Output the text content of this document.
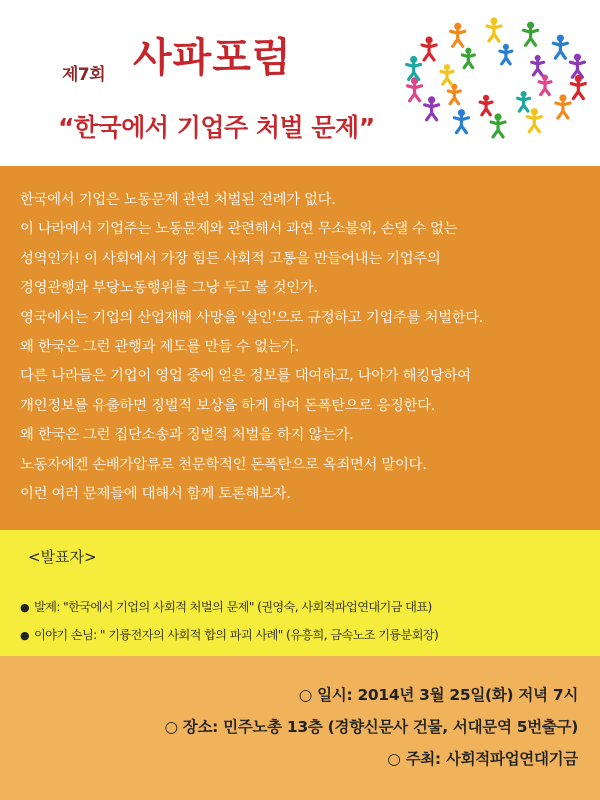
제7회 사파포럼
“한국에서 기업주 처벌 문제”
한국에서 기업은 노동문제 관련 처벌된 전례가 없다.
이 나라에서 기업주는 노동문제와 관련해서 과연 무소불위, 손댈 수 없는
성역인가! 이 사회에서 가장 힘든 사회적 고통을 만들어내는 기업주의
경영관행과 부당노동행위를 그냥 두고 볼 것인가.
영국에서는 기업의 산업재해 사망을 '살인'으로 규정하고 기업주를 처벌한다.
왜 한국은 그런 관행과 제도를 만들 수 없는가.
다른 나라들은 기업이 영업 중에 얻은 정보를 대여하고, 나아가 해킹당하여
개인정보를 유출하면 징벌적 보상을 하게 하여 돈폭탄으로 응징한다.
왜 한국은 그런 집단소송과 징벌적 처벌을 하지 않는가.
노동자에겐 손배가압류로 천문학적인 돈폭탄으로 옥죄면서 말이다.
이런 여러 문제들에 대해서 함께 토론해보자.
<발표자>
● 발제: "한국에서 기업의 사회적 처벌의 문제" (권영숙, 사회적파업연대기금 대표)
● 이야기 손님: " 기륭전자의 사회적 합의 파괴 사례" (유흥희, 금속노조 기륭분회장)
○ 일시: 2014년 3월 25일(화) 저녁 7시
○ 장소: 민주노총 13층 (경향신문사 건물, 서대문역 5번출구)
○ 주최: 사회적파업연대기금
